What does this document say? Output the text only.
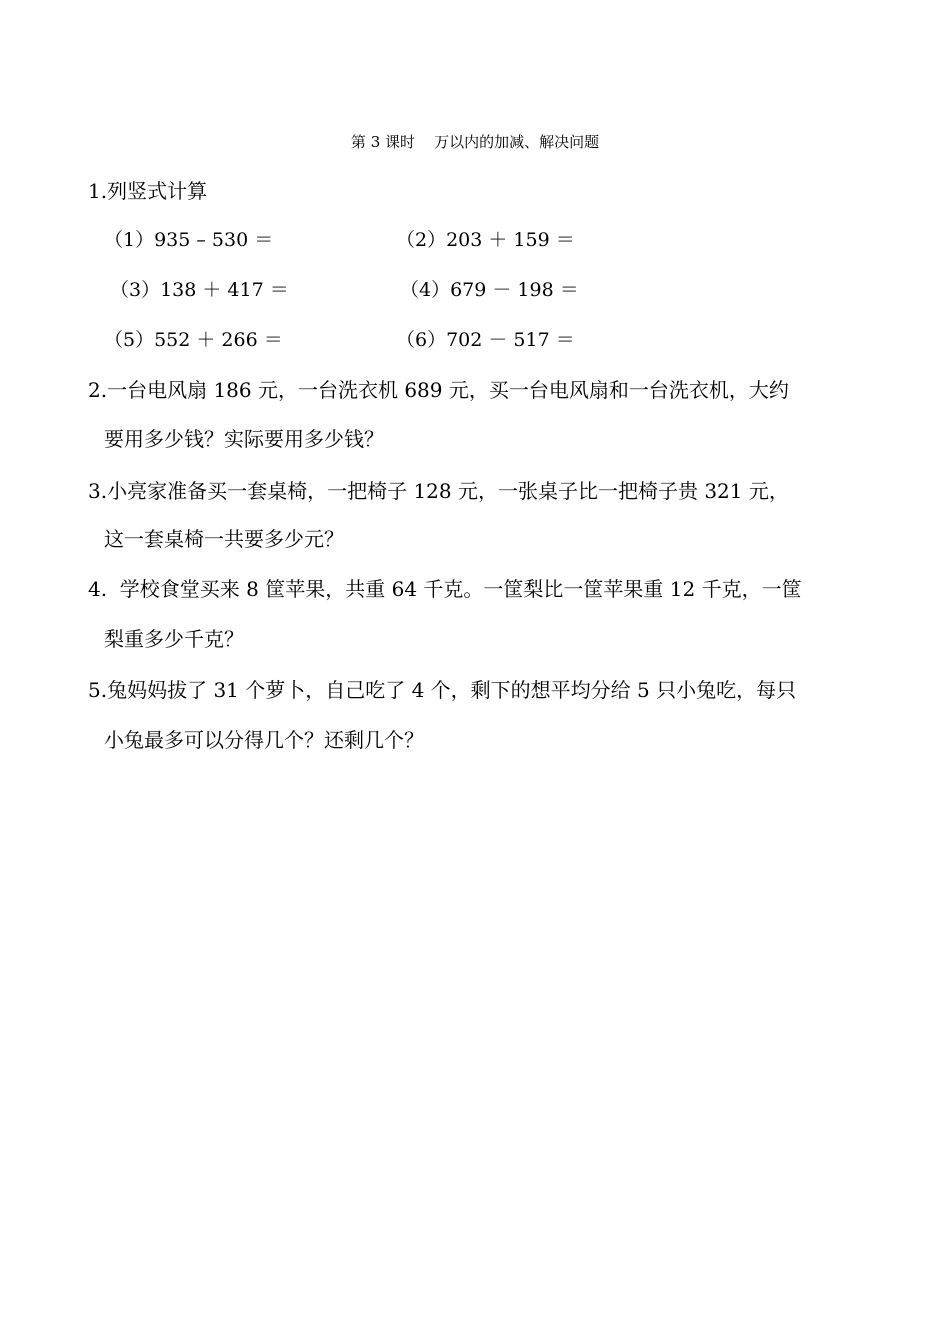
第 3 课时    万以内的加减、解决问题
1.列竖式计算
（1）935 – 530 ＝	（2）203 ＋ 159 ＝
（3）138 ＋ 417 ＝	（4）679 － 198 ＝
（5）552 ＋ 266 ＝	（6）702 － 517 ＝
2.一台电风扇 186 元，一台洗衣机 689 元，买一台电风扇和一台洗衣机，大约
要用多少钱？实际要用多少钱？
3.小亮家准备买一套桌椅，一把椅子 128 元，一张桌子比一把椅子贵 321 元，
这一套桌椅一共要多少元？
4.  学校食堂买来 8 筐苹果，共重 64 千克。一筐梨比一筐苹果重 12 千克，一筐
梨重多少千克？
5.兔妈妈拔了 31 个萝卜，自己吃了 4 个，剩下的想平均分给 5 只小兔吃，每只
小兔最多可以分得几个？还剩几个？
